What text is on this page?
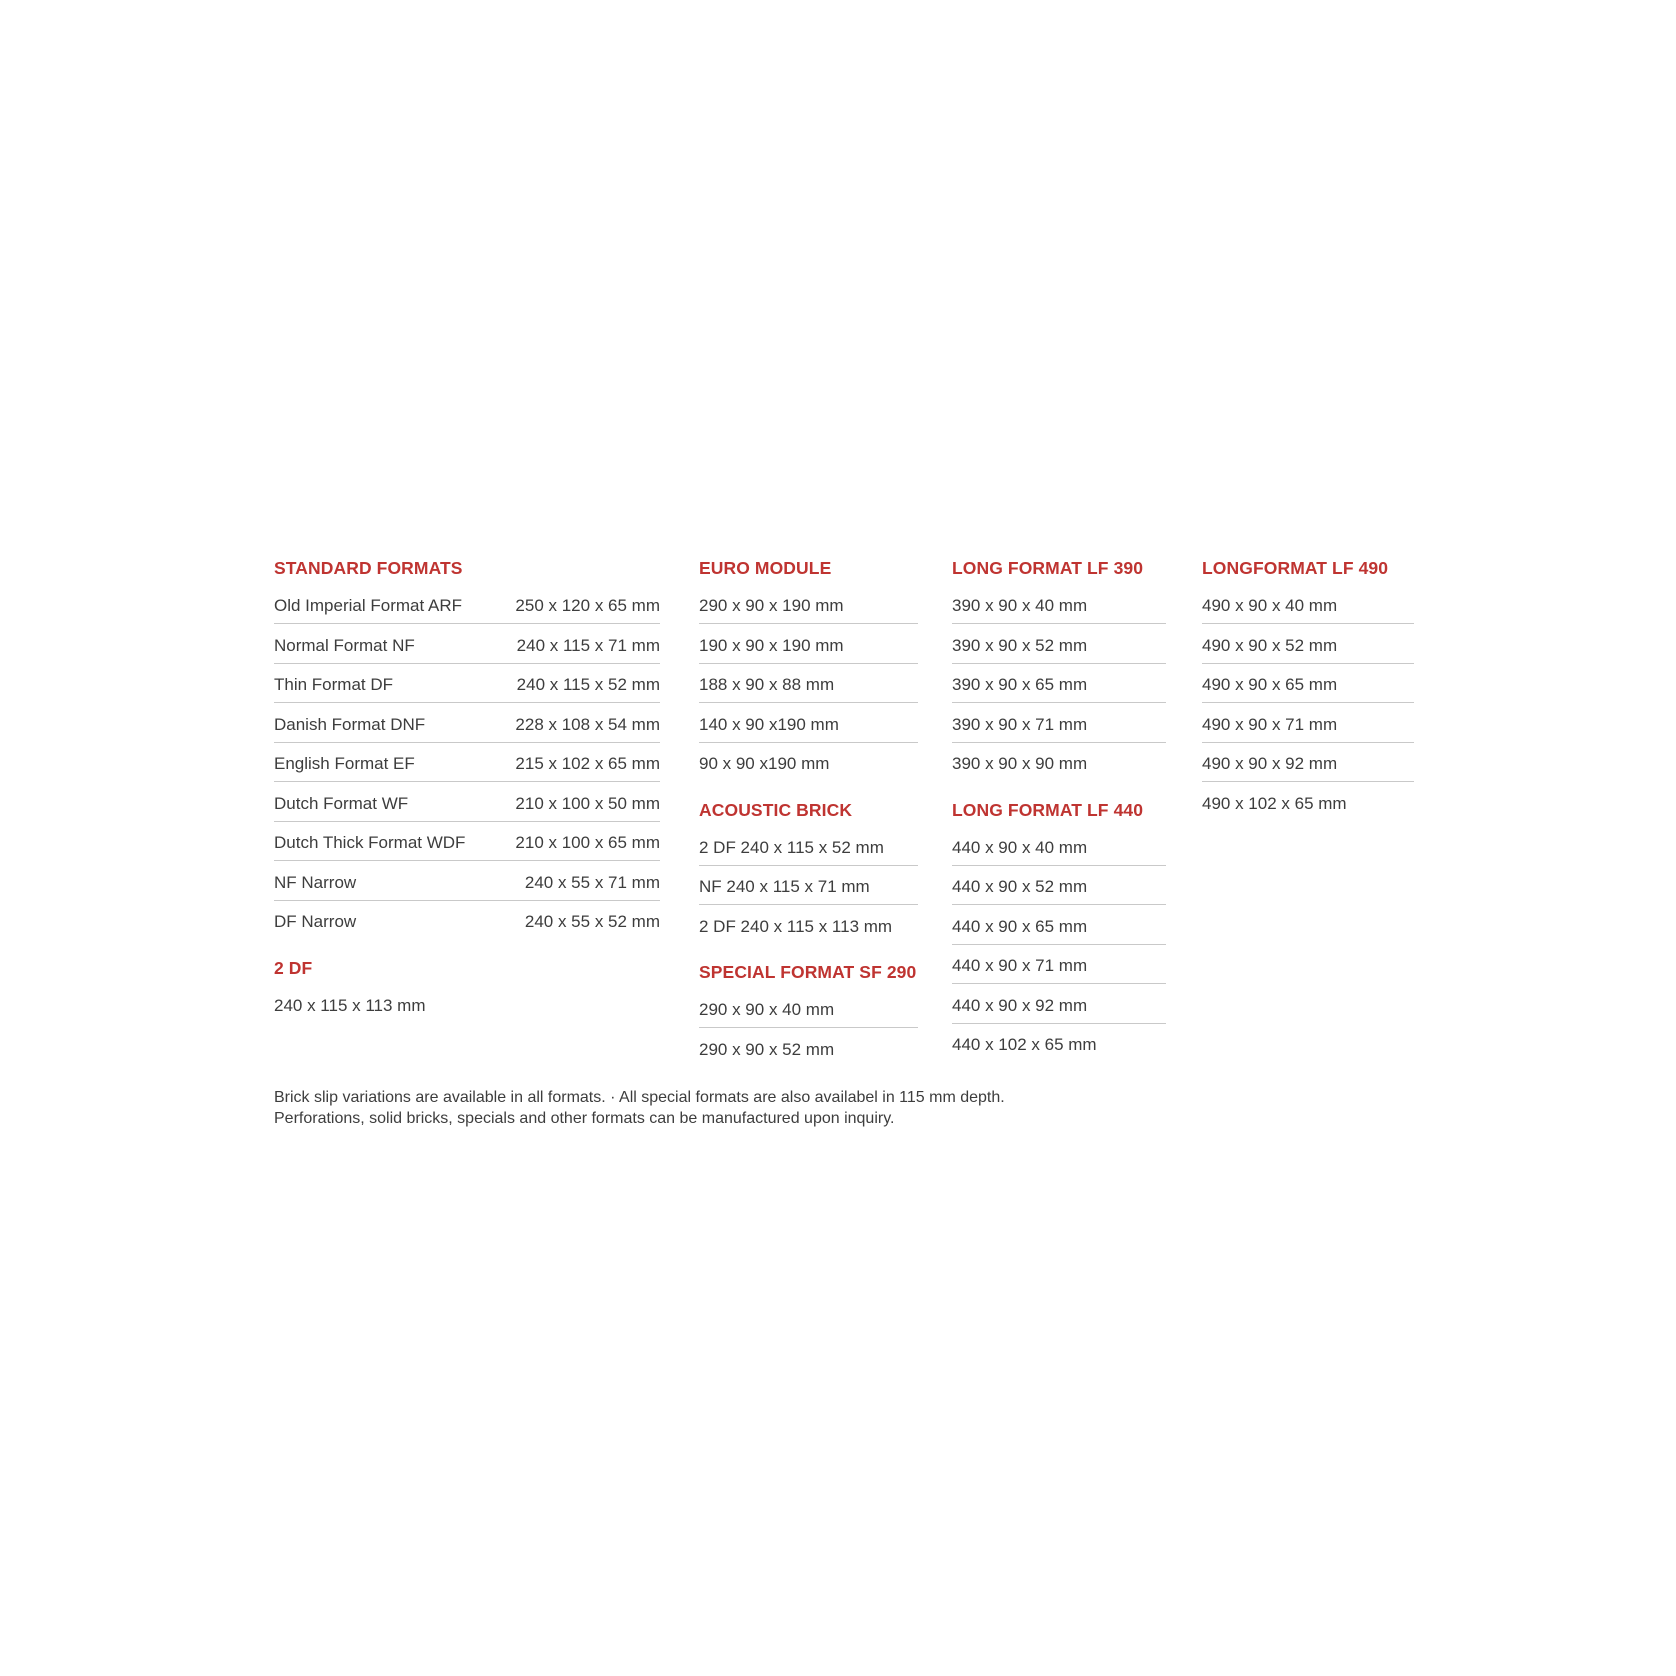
STANDARD FORMATS
Old Imperial Format ARF	250 x 120 x 65 mm
Normal Format NF	240 x 115 x 71 mm
Thin Format DF	240 x 115 x 52 mm
Danish Format DNF	228 x 108 x 54 mm
English Format EF	215 x 102 x 65 mm
Dutch Format WF	210 x 100 x 50 mm
Dutch Thick Format WDF	210 x 100 x 65 mm
NF Narrow	240 x 55 x 71 mm
DF Narrow	240 x 55 x 52 mm
2 DF
240 x 115 x 113 mm
EURO MODULE
290 x 90 x 190 mm
190 x 90 x 190 mm
188 x 90 x 88 mm
140 x 90 x190 mm
90 x 90 x190 mm
ACOUSTIC BRICK
2 DF 240 x 115 x 52 mm
NF 240 x 115 x 71 mm
2 DF 240 x 115 x 113 mm
SPECIAL FORMAT SF 290
290 x 90 x 40 mm
290 x 90 x 52 mm
LONG FORMAT LF 390
390 x 90 x 40 mm
390 x 90 x 52 mm
390 x 90 x 65 mm
390 x 90 x 71 mm
390 x 90 x 90 mm
LONG FORMAT LF 440
440 x 90 x 40 mm
440 x 90 x 52 mm
440 x 90 x 65 mm
440 x 90 x 71 mm
440 x 90 x 92 mm
440 x 102 x 65 mm
LONGFORMAT LF 490
490 x 90 x 40 mm
490 x 90 x 52 mm
490 x 90 x 65 mm
490 x 90 x 71 mm
490 x 90 x 92 mm
490 x 102 x 65 mm
Brick slip variations are available in all formats. · All special formats are also availabel in 115 mm depth.
Perforations, solid bricks, specials and other formats can be manufactured upon inquiry.
